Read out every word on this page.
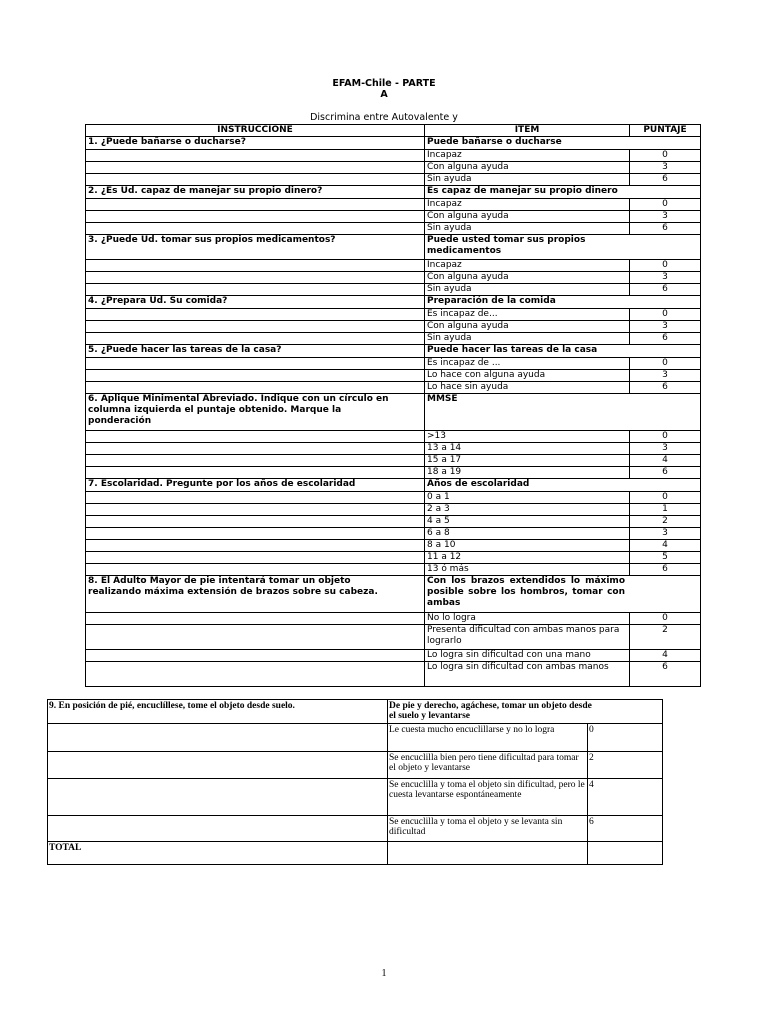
EFAM-Chile - PARTE
A
Discrimina entre Autovalente y
INSTRUCCIONE	ITEM	PUNTAJE
1. ¿Puede bañarse o ducharse?	Puede bañarse o ducharse	
	Incapaz	0
	Con alguna ayuda	3
	Sin ayuda	6
2. ¿Es Ud. capaz de manejar su propio dinero?	Es capaz de manejar su propio dinero	
	Incapaz	0
	Con alguna ayuda	3
	Sin ayuda	6
3. ¿Puede Ud. tomar sus propios medicamentos?	Puede usted tomar sus propios medicamentos	
	Incapaz	0
	Con alguna ayuda	3
	Sin ayuda	6
4. ¿Prepara Ud. Su comida?	Preparación de la comida	
	Es incapaz de...	0
	Con alguna ayuda	3
	Sin ayuda	6
5. ¿Puede hacer las tareas de la casa?	Puede hacer las tareas de la casa	
	Es incapaz de ...	0
	Lo hace con alguna ayuda	3
	Lo hace sin ayuda	6
6. Aplique Minimental Abreviado. Indique con un círculo en columna izquierda el puntaje obtenido. Marque la ponderación	MMSE	
	>13	0
	13 a 14	3
	15 a 17	4
	18 a 19	6
7. Escolaridad. Pregunte por los años de escolaridad	Años de escolaridad	
	0 a 1	0
	2 a 3	1
	4 a 5	2
	6 a 8	3
	8 a 10	4
	11 a 12	5
	13 ó más	6
8. El Adulto Mayor de pie intentará tomar un objeto realizando máxima extensión de brazos sobre su cabeza.	Con los brazos extendidos lo máximo posible sobre los hombros, tomar con ambas	
	No lo logra	0
	Presenta dificultad con ambas manos para lograrlo	2
	Lo logra sin dificultad con una mano	4
	Lo logra sin dificultad con ambas manos	6
9. En posición de pié, encuclíllese, tome el objeto desde suelo.	De pie y derecho, agáchese, tomar un objeto desde el suelo y levantarse	
	Le cuesta mucho encuclillarse y no lo logra	0
	Se encuclilla bien pero tiene dificultad para tomar el objeto y levantarse	2
	Se encuclilla y toma el objeto sin dificultad, pero le cuesta levantarse espontáneamente	4
	Se encuclilla y toma el objeto y se levanta sin dificultad	6
TOTAL		
1
